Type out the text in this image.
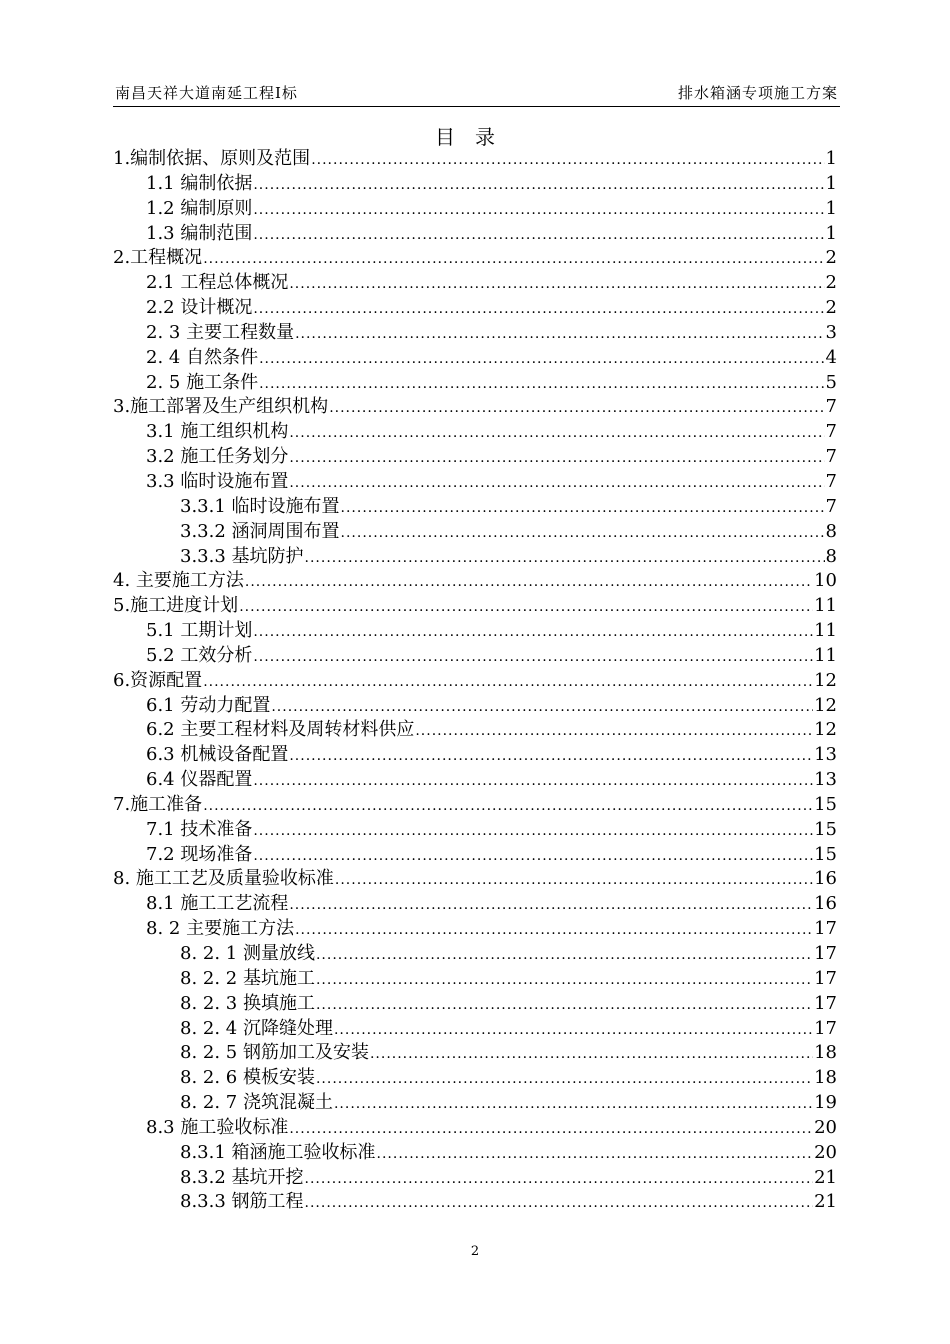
南昌天祥大道南延工程Ⅰ标	排水箱涵专项施工方案
目录
1.编制依据、原则及范围 .....	1
1.1 编制依据 .....	1
1.2 编制原则 .....	1
1.3 编制范围 .....	1
2.工程概况 .....	2
2.1 工程总体概况 .....	2
2.2 设计概况 .....	2
2. 3 主要工程数量 .....	3
2. 4 自然条件 .....	4
2. 5 施工条件 .....	5
3.施工部署及生产组织机构 .....	7
3.1 施工组织机构 .....	7
3.2 施工任务划分 .....	7
3.3 临时设施布置 .....	7
3.3.1 临时设施布置 .....	7
3.3.2 涵洞周围布置 .....	8
3.3.3 基坑防护 .....	8
4. 主要施工方法 .....	10
5.施工进度计划 .....	11
5.1 工期计划 .....	11
5.2 工效分析 .....	11
6.资源配置 .....	12
6.1 劳动力配置 .....	12
6.2 主要工程材料及周转材料供应 .....	12
6.3 机械设备配置 .....	13
6.4 仪器配置 .....	13
7.施工准备 .....	15
7.1 技术准备 .....	15
7.2 现场准备 .....	15
8. 施工工艺及质量验收标准 .....	16
8.1 施工工艺流程 .....	16
8. 2 主要施工方法 .....	17
8. 2. 1 测量放线 .....	17
8. 2. 2 基坑施工 .....	17
8. 2. 3 换填施工 .....	17
8. 2. 4 沉降缝处理 .....	17
8. 2. 5 钢筋加工及安装 .....	18
8. 2. 6 模板安装 .....	18
8. 2. 7 浇筑混凝土 .....	19
8.3 施工验收标准 .....	20
8.3.1 箱涵施工验收标准 .....	20
8.3.2 基坑开挖 .....	21
8.3.3 钢筋工程 .....	21
2
